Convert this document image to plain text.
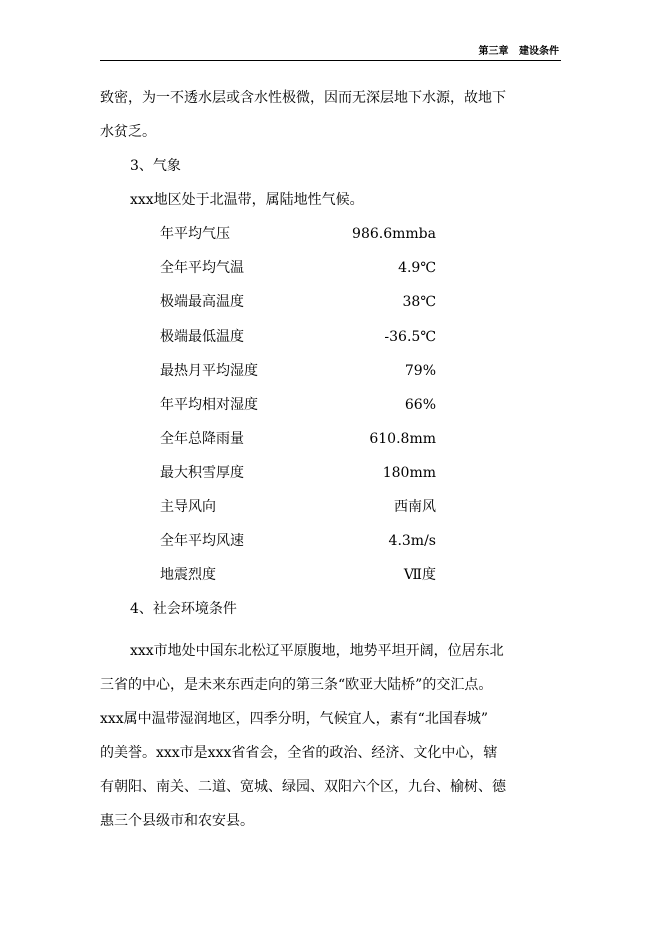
第三章 建设条件
致密，为一不透水层或含水性极微，因而无深层地下水源，故地下
水贫乏。
3、气象
xxx地区处于北温带，属陆地性气候。
年平均气压	986.6mmba
全年平均气温	4.9℃
极端最高温度	38℃
极端最低温度	-36.5℃
最热月平均湿度	79%
年平均相对湿度	66%
全年总降雨量	610.8mm
最大积雪厚度	180mm
主导风向	西南风
全年平均风速	4.3m/s
地震烈度	Ⅶ度
4、社会环境条件
xxx市地处中国东北松辽平原腹地，地势平坦开阔，位居东北
三省的中心，是未来东西走向的第三条“欧亚大陆桥”的交汇点。
xxx属中温带湿润地区，四季分明，气候宜人，素有“北国春城”
的美誉。xxx市是xxx省省会，全省的政治、经济、文化中心，辖
有朝阳、南关、二道、宽城、绿园、双阳六个区，九台、榆树、德
惠三个县级市和农安县。
